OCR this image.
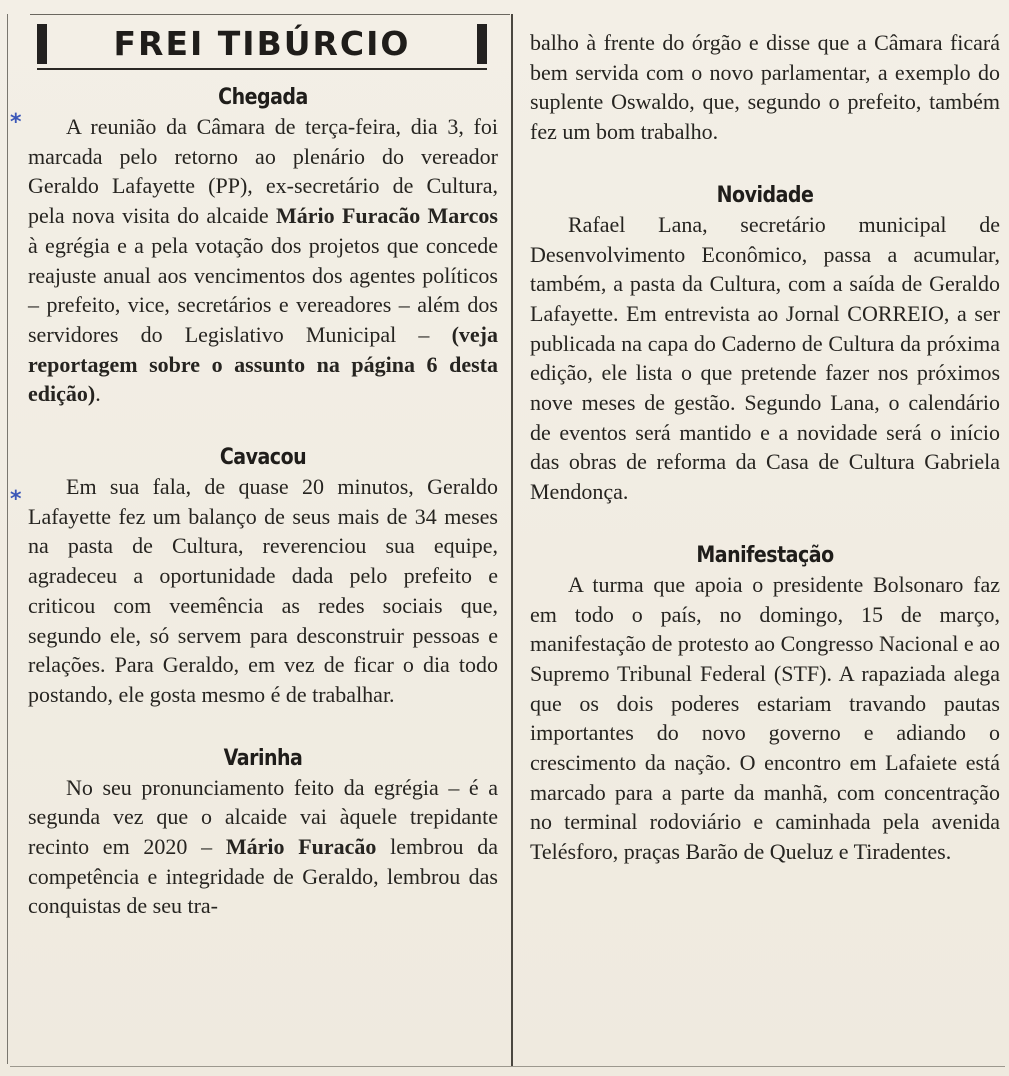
FREI TIBÚRCIO
*
*
Chegada

A reunião da Câmara de terça-feira, dia 3, foi marcada pelo retorno ao plenário do vereador Geraldo Lafayette (PP), ex-secretário de Cultura, pela nova visita do alcaide Mário Furacão Marcos à egrégia e a pela votação dos projetos que concede reajuste anual aos vencimentos dos agentes políticos – prefeito, vice, secretários e vereadores – além dos servidores do Legislativo Municipal – (veja reportagem sobre o assunto na página 6 desta edição).

Cavacou

Em sua fala, de quase 20 minutos, Geraldo Lafayette fez um balanço de seus mais de 34 meses na pasta de Cultura, reverenciou sua equipe, agradeceu a oportunidade dada pelo prefeito e criticou com veemência as redes sociais que, segundo ele, só servem para desconstruir pessoas e relações. Para Geraldo, em vez de ficar o dia todo postando, ele gosta mesmo é de trabalhar.

Varinha

No seu pronunciamento feito da egrégia – é a segunda vez que o alcaide vai àquele trepidante recinto em 2020 – Mário Furacão lembrou da competência e integridade de Geraldo, lembrou das conquistas de seu tra-

balho à frente do órgão e disse que a Câmara ficará bem servida com o novo parlamentar, a exemplo do suplente Oswaldo, que, segundo o prefeito, também fez um bom trabalho.

Novidade

Rafael Lana, secretário municipal de Desenvolvimento Econômico, passa a acumular, também, a pasta da Cultura, com a saída de Geraldo Lafayette. Em entrevista ao Jornal CORREIO, a ser publicada na capa do Caderno de Cultura da próxima edição, ele lista o que pretende fazer nos próximos nove meses de gestão. Segundo Lana, o calendário de eventos será mantido e a novidade será o início das obras de reforma da Casa de Cultura Gabriela Mendonça.

Manifestação

A turma que apoia o presidente Bolsonaro faz em todo o país, no domingo, 15 de março, manifestação de protesto ao Congresso Nacional e ao Supremo Tribunal Federal (STF). A rapaziada alega que os dois poderes estariam travando pautas importantes do novo governo e adiando o crescimento da nação. O encontro em Lafaiete está marcado para a parte da manhã, com concentração no terminal rodoviário e caminhada pela avenida Telésforo, praças Barão de Queluz e Tiradentes.
